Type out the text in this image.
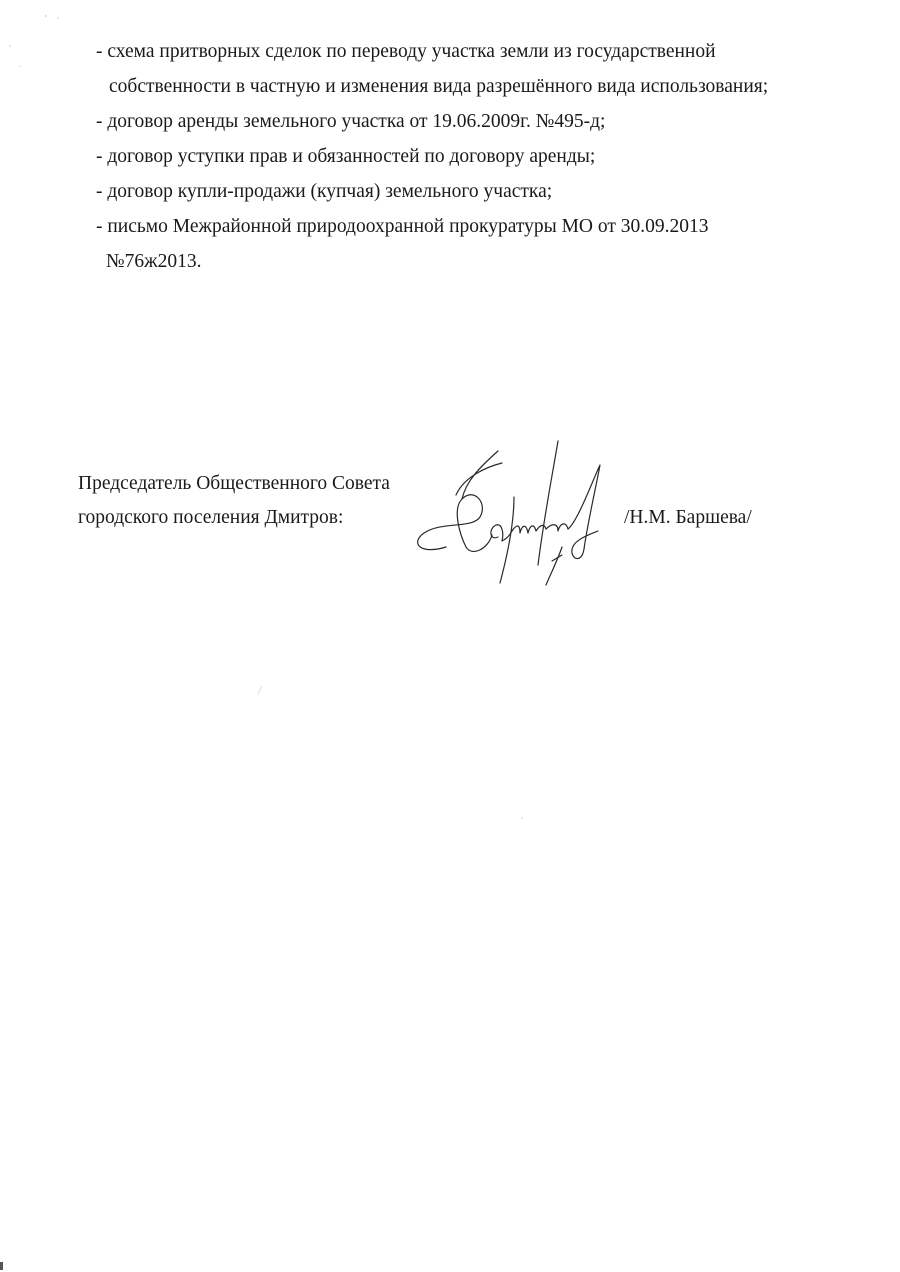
- схема притворных сделок по переводу участка земли из государственной
собственности в частную и изменения вида разрешённого вида использования;
- договор аренды земельного участка от 19.06.2009г. №495-д;
- договор уступки прав и обязанностей по договору аренды;
- договор купли-продажи (купчая) земельного участка;
- письмо Межрайонной природоохранной прокуратуры МО от 30.09.2013
№76ж2013.
Председатель Общественного Совета
городского поселения Дмитров:	/Н.М. Баршева/
